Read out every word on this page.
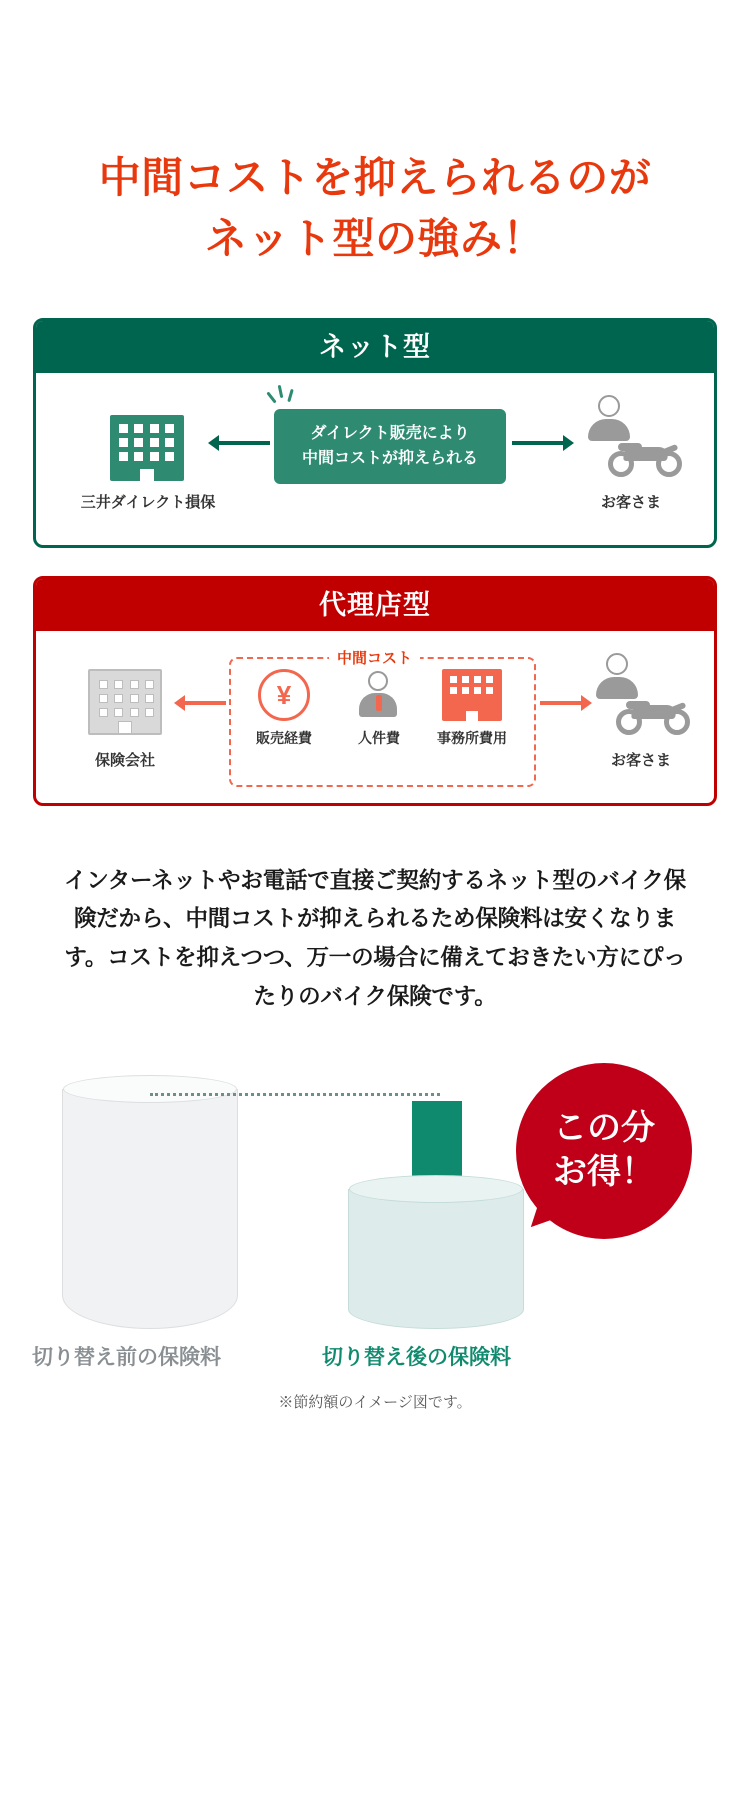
中間コストを抑えられるのが
ネット型の強み！
ネット型
三井ダイレクト損保
ダイレクト販売により
中間コストが抑えられる
お客さま
代理店型
保険会社
中間コスト
¥
販売経費	人件費	事務所費用
お客さま

インターネットやお電話で直接ご契約するネット型のバイク保険だから、中間コストが抑えられるため保険料は安くなります。コストを抑えつつ、万一の場合に備えておきたい方にぴったりのバイク保険です。

切り替え前の保険料	切り替え後の保険料
この分
お得！
※節約額のイメージ図です。
